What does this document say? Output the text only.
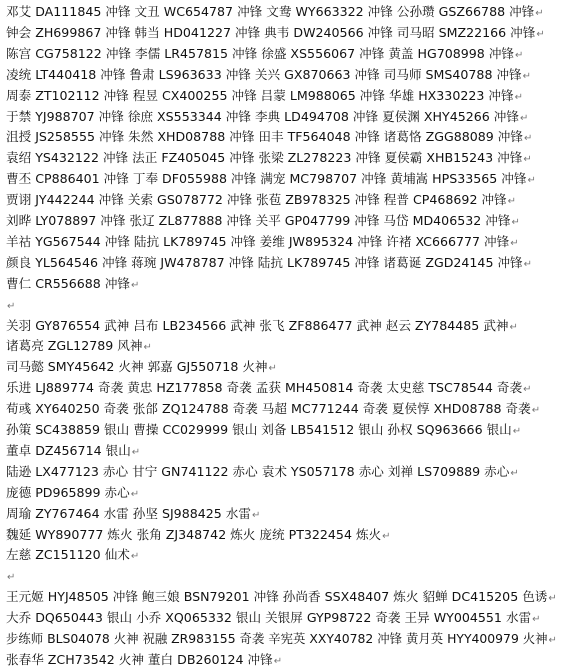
邓艾 DA111845 冲锋 文丑 WC654787 冲锋 文鸯 WY663322 冲锋 公孙瓒 GSZ66788 冲锋↵
钟会 ZH699867 冲锋 韩当 HD041227 冲锋 典韦 DW240566 冲锋 司马昭 SMZ22166 冲锋↵
陈宫 CG758122 冲锋 李儒 LR457815 冲锋 徐盛 XS556067 冲锋 黄盖 HG708998 冲锋↵
凌统 LT440418 冲锋 鲁肃 LS963633 冲锋 关兴 GX870663 冲锋 司马师 SMS40788 冲锋↵
周泰 ZT102112 冲锋 程昱 CX400255 冲锋 吕蒙 LM988065 冲锋 华雄 HX330223 冲锋↵
于禁 YJ988707 冲锋 徐庶 XS553344 冲锋 李典 LD494708 冲锋 夏侯渊 XHY45266 冲锋↵
沮授 JS258555 冲锋 朱然 XHD08788 冲锋 田丰 TF564048 冲锋 诸葛恪 ZGG88089 冲锋↵
袁绍 YS432122 冲锋 法正 FZ405045 冲锋 张梁 ZL278223 冲锋 夏侯霸 XHB15243 冲锋↵
曹丕 CP886401 冲锋 丁奉 DF055988 冲锋 满宠 MC798707 冲锋 黄埔嵩 HPS33565 冲锋↵
贾诩 JY442244 冲锋 关索 GS078772 冲锋 张苞 ZB978325 冲锋 程普 CP468692 冲锋↵
刘晔 LY078897 冲锋 张辽 ZL877888 冲锋 关平 GP047799 冲锋 马岱 MD406532 冲锋↵
羊祜 YG567544 冲锋 陆抗 LK789745 冲锋 姜维 JW895324 冲锋 许褚 XC666777 冲锋↵
颜良 YL564546 冲锋 蒋琬 JW478787 冲锋 陆抗 LK789745 冲锋 诸葛诞 ZGD24145 冲锋↵
曹仁 CR556688 冲锋↵
↵
关羽 GY876554 武神 吕布 LB234566 武神 张飞 ZF886477 武神 赵云 ZY784485 武神↵
诸葛亮 ZGL12789 风神↵
司马懿 SMY45642 火神 郭嘉 GJ550718 火神↵
乐进 LJ889774 奇袭 黄忠 HZ177858 奇袭 孟获 MH450814 奇袭 太史慈 TSC78544 奇袭↵
荀彧 XY640250 奇袭 张郃 ZQ124788 奇袭 马超 MC771244 奇袭 夏侯惇 XHD08788 奇袭↵
孙策 SC438859 银山 曹操 CC029999 银山 刘备 LB541512 银山 孙权 SQ963666 银山↵
董卓 DZ456714 银山↵
陆逊 LX477123 赤心 甘宁 GN741122 赤心 袁术 YS057178 赤心 刘禅 LS709889 赤心↵
庞德 PD965899 赤心↵
周瑜 ZY767464 水雷 孙坚 SJ988425 水雷↵
魏延 WY890777 炼火 张角 ZJ348742 炼火 庞统 PT322454 炼火↵
左慈 ZC151120 仙术↵
↵
王元姬 HYJ48505 冲锋 鲍三娘 BSN79201 冲锋 孙尚香 SSX48407 炼火 貂蝉 DC415205 色诱↵
大乔 DQ650443 银山 小乔 XQ065332 银山 关银屏 GYP98722 奇袭 王异 WY004551 水雷↵
步练师 BLS04078 火神 祝融 ZR983155 奇袭 辛宪英 XXY40782 冲锋 黄月英 HYY400979 火神↵
张春华 ZCH73542 火神 董白 DB260124 冲锋↵
